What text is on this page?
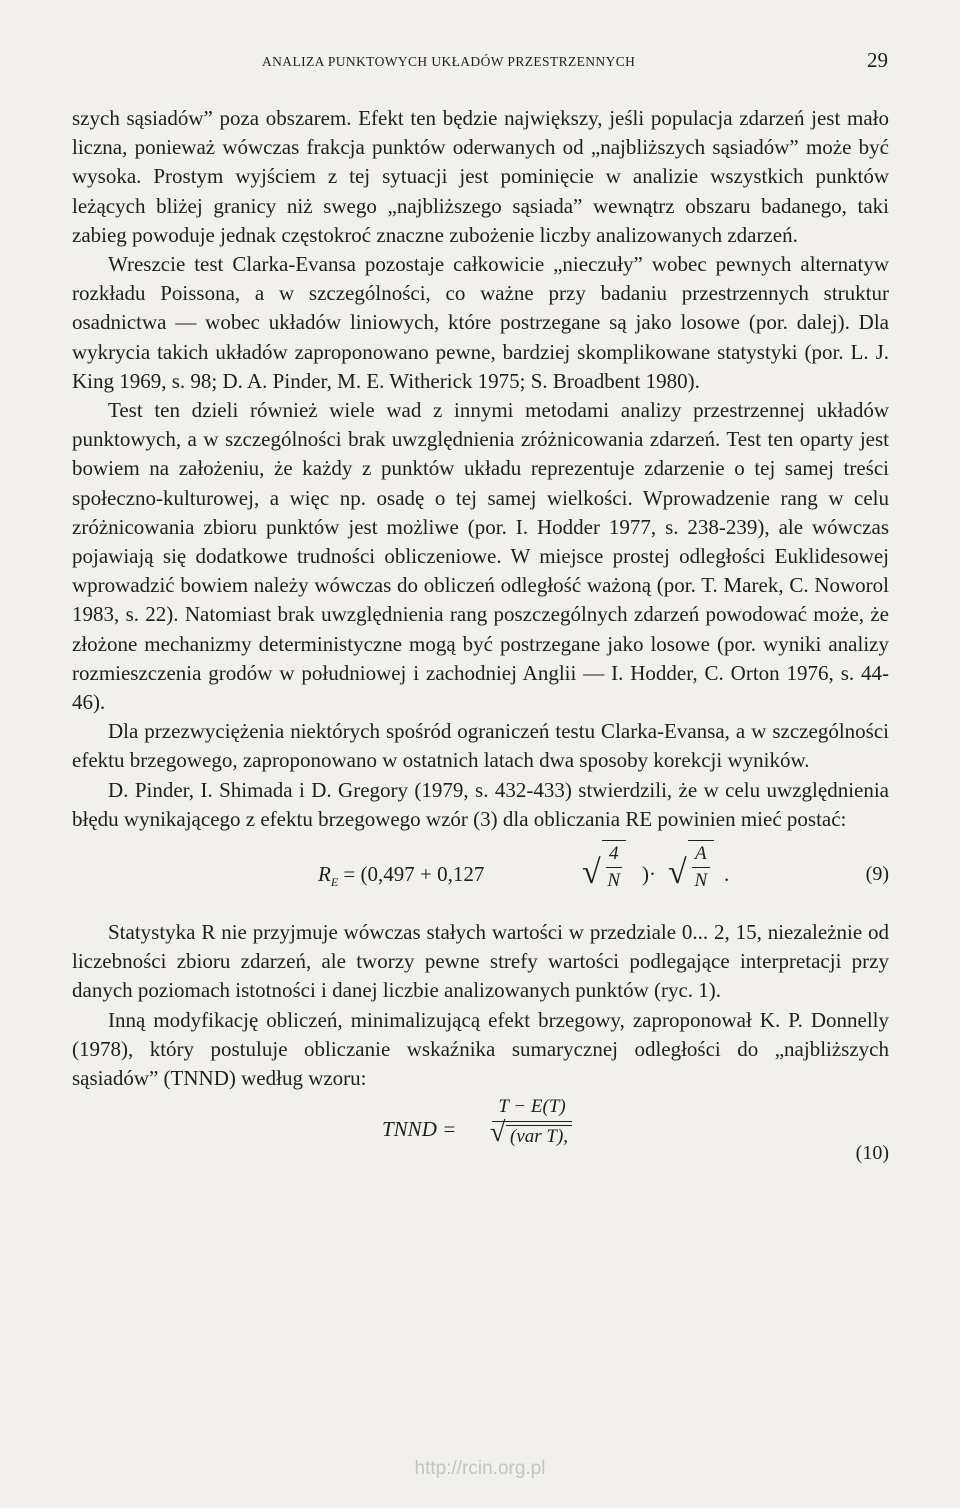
ANALIZA PUNKTOWYCH UKŁADÓW PRZESTRZENNYCH	29

szych sąsiadów” poza obszarem. Efekt ten będzie największy, jeśli populacja zdarzeń jest mało liczna, ponieważ wówczas frakcja punktów oderwanych od „najbliższych sąsiadów” może być wysoka. Prostym wyjściem z tej sytuacji jest pominięcie w analizie wszystkich punktów leżących bliżej granicy niż swego „najbliższego sąsiada” wewnątrz obszaru badanego, taki zabieg powoduje jednak częstokroć znaczne zubożenie liczby analizowanych zdarzeń.

Wreszcie test Clarka-Evansa pozostaje całkowicie „nieczuły” wobec pewnych alternatyw rozkładu Poissona, a w szczególności, co ważne przy badaniu przestrzennych struktur osadnictwa — wobec układów liniowych, które postrzegane są jako losowe (por. dalej). Dla wykrycia takich układów zaproponowano pewne, bardziej skomplikowane statystyki (por. L. J. King 1969, s. 98; D. A. Pinder, M. E. Witherick 1975; S. Broadbent 1980).

Test ten dzieli również wiele wad z innymi metodami analizy przestrzennej układów punktowych, a w szczególności brak uwzględnienia zróżnicowania zdarzeń. Test ten oparty jest bowiem na założeniu, że każdy z punktów układu reprezentuje zdarzenie o tej samej treści społeczno-kulturowej, a więc np. osadę o tej samej wielkości. Wprowadzenie rang w celu zróżnicowania zbioru punktów jest możliwe (por. I. Hodder 1977, s. 238-239), ale wówczas pojawiają się dodatkowe trudności obliczeniowe. W miejsce prostej odległości Euklidesowej wprowadzić bowiem należy wówczas do obliczeń odległość ważoną (por. T. Marek, C. Noworol 1983, s. 22). Natomiast brak uwzględnienia rang poszczególnych zdarzeń powodować może, że złożone mechanizmy deterministyczne mogą być postrzegane jako losowe (por. wyniki analizy rozmieszczenia grodów w południowej i zachodniej Anglii — I. Hodder, C. Orton 1976, s. 44-46).

Dla przezwyciężenia niektórych spośród ograniczeń testu Clarka-Evansa, a w szczególności efektu brzegowego, zaproponowano w ostatnich latach dwa sposoby korekcji wyników.

D. Pinder, I. Shimada i D. Gregory (1979, s. 432-433) stwierdzili, że w celu uwzględnienia błędu wynikającego z efektu brzegowego wzór (3) dla obliczania RE powinien mieć postać:

$R_E = (0,497 + 0,127$	√ $\frac{4}{N}$ )· √ $\frac{A}{N}$ .	(9)

Statystyka R nie przyjmuje wówczas stałych wartości w przedziale 0... 2, 15, niezależnie od liczebności zbioru zdarzeń, ale tworzy pewne strefy wartości podlegające interpretacji przy danych poziomach istotności i danej liczbie analizowanych punktów (ryc. 1).

Inną modyfikację obliczeń, minimalizującą efekt brzegowy, zaproponował K. P. Donnelly (1978), który postuluje obliczanie wskaźnika sumarycznej odległości do „najbliższych sąsiadów” (TNND) według wzoru:

TNND =
T − E(T)
√ (var T),
(10)
http://rcin.org.pl
